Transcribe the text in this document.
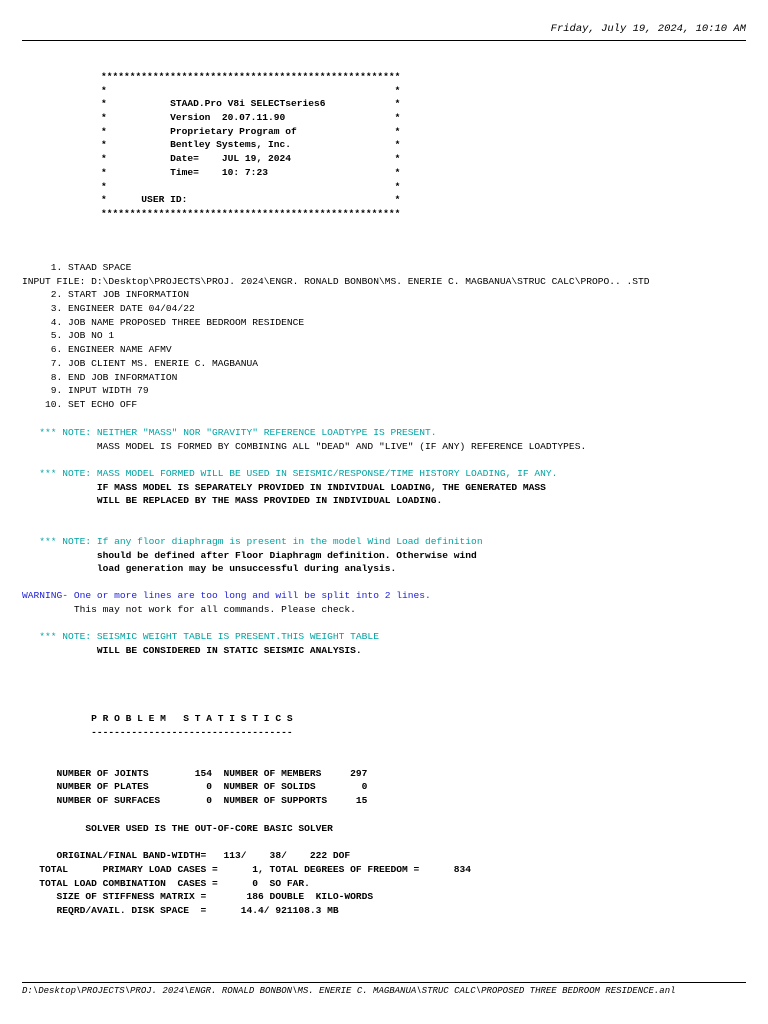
Friday, July 19, 2024, 10:10 AM
****************************************************
*                                                  *
*           STAAD.Pro V8i SELECTseries6            *
*           Version  20.07.11.90                   *
*           Proprietary Program of                 *
*           Bentley Systems, Inc.                  *
*           Date=    JUL 19, 2024                  *
*           Time=    10: 7:23                      *
*                                                  *
*      USER ID:                                    *
****************************************************
1. STAAD SPACE
INPUT FILE: D:\Desktop\PROJECTS\PROJ. 2024\ENGR. RONALD BONBON\MS. ENERIE C. MAGBANUA\STRUC CALC\PROPO.. .STD
2. START JOB INFORMATION
3. ENGINEER DATE 04/04/22
4. JOB NAME PROPOSED THREE BEDROOM RESIDENCE
5. JOB NO 1
6. ENGINEER NAME AFMV
7. JOB CLIENT MS. ENERIE C. MAGBANUA
8. END JOB INFORMATION
9. INPUT WIDTH 79
10. SET ECHO OFF
*** NOTE: NEITHER "MASS" NOR "GRAVITY" REFERENCE LOADTYPE IS PRESENT.
MASS MODEL IS FORMED BY COMBINING ALL "DEAD" AND "LIVE" (IF ANY) REFERENCE LOADTYPES.
*** NOTE: MASS MODEL FORMED WILL BE USED IN SEISMIC/RESPONSE/TIME HISTORY LOADING, IF ANY.
IF MASS MODEL IS SEPARATELY PROVIDED IN INDIVIDUAL LOADING, THE GENERATED MASS
WILL BE REPLACED BY THE MASS PROVIDED IN INDIVIDUAL LOADING.
*** NOTE: If any floor diaphragm is present in the model Wind Load definition
should be defined after Floor Diaphragm definition. Otherwise wind
load generation may be unsuccessful during analysis.
WARNING- One or more lines are too long and will be split into 2 lines.
This may not work for all commands. Please check.
*** NOTE: SEISMIC WEIGHT TABLE IS PRESENT.THIS WEIGHT TABLE
WILL BE CONSIDERED IN STATIC SEISMIC ANALYSIS.
P R O B L E M   S T A T I S T I C S
-----------------------------------
NUMBER OF JOINTS        154  NUMBER OF MEMBERS     297
NUMBER OF PLATES          0  NUMBER OF SOLIDS        0
NUMBER OF SURFACES        0  NUMBER OF SUPPORTS     15
SOLVER USED IS THE OUT-OF-CORE BASIC SOLVER
ORIGINAL/FINAL BAND-WIDTH=   113/    38/    222 DOF
TOTAL      PRIMARY LOAD CASES =      1, TOTAL DEGREES OF FREEDOM =      834
TOTAL LOAD COMBINATION  CASES =      0  SO FAR.
SIZE OF STIFFNESS MATRIX =       186 DOUBLE  KILO-WORDS
REQRD/AVAIL. DISK SPACE  =      14.4/ 921108.3 MB
D:\Desktop\PROJECTS\PROJ. 2024\ENGR. RONALD BONBON\MS. ENERIE C. MAGBANUA\STRUC CALC\PROPOSED THREE BEDROOM RESIDENCE.anl
